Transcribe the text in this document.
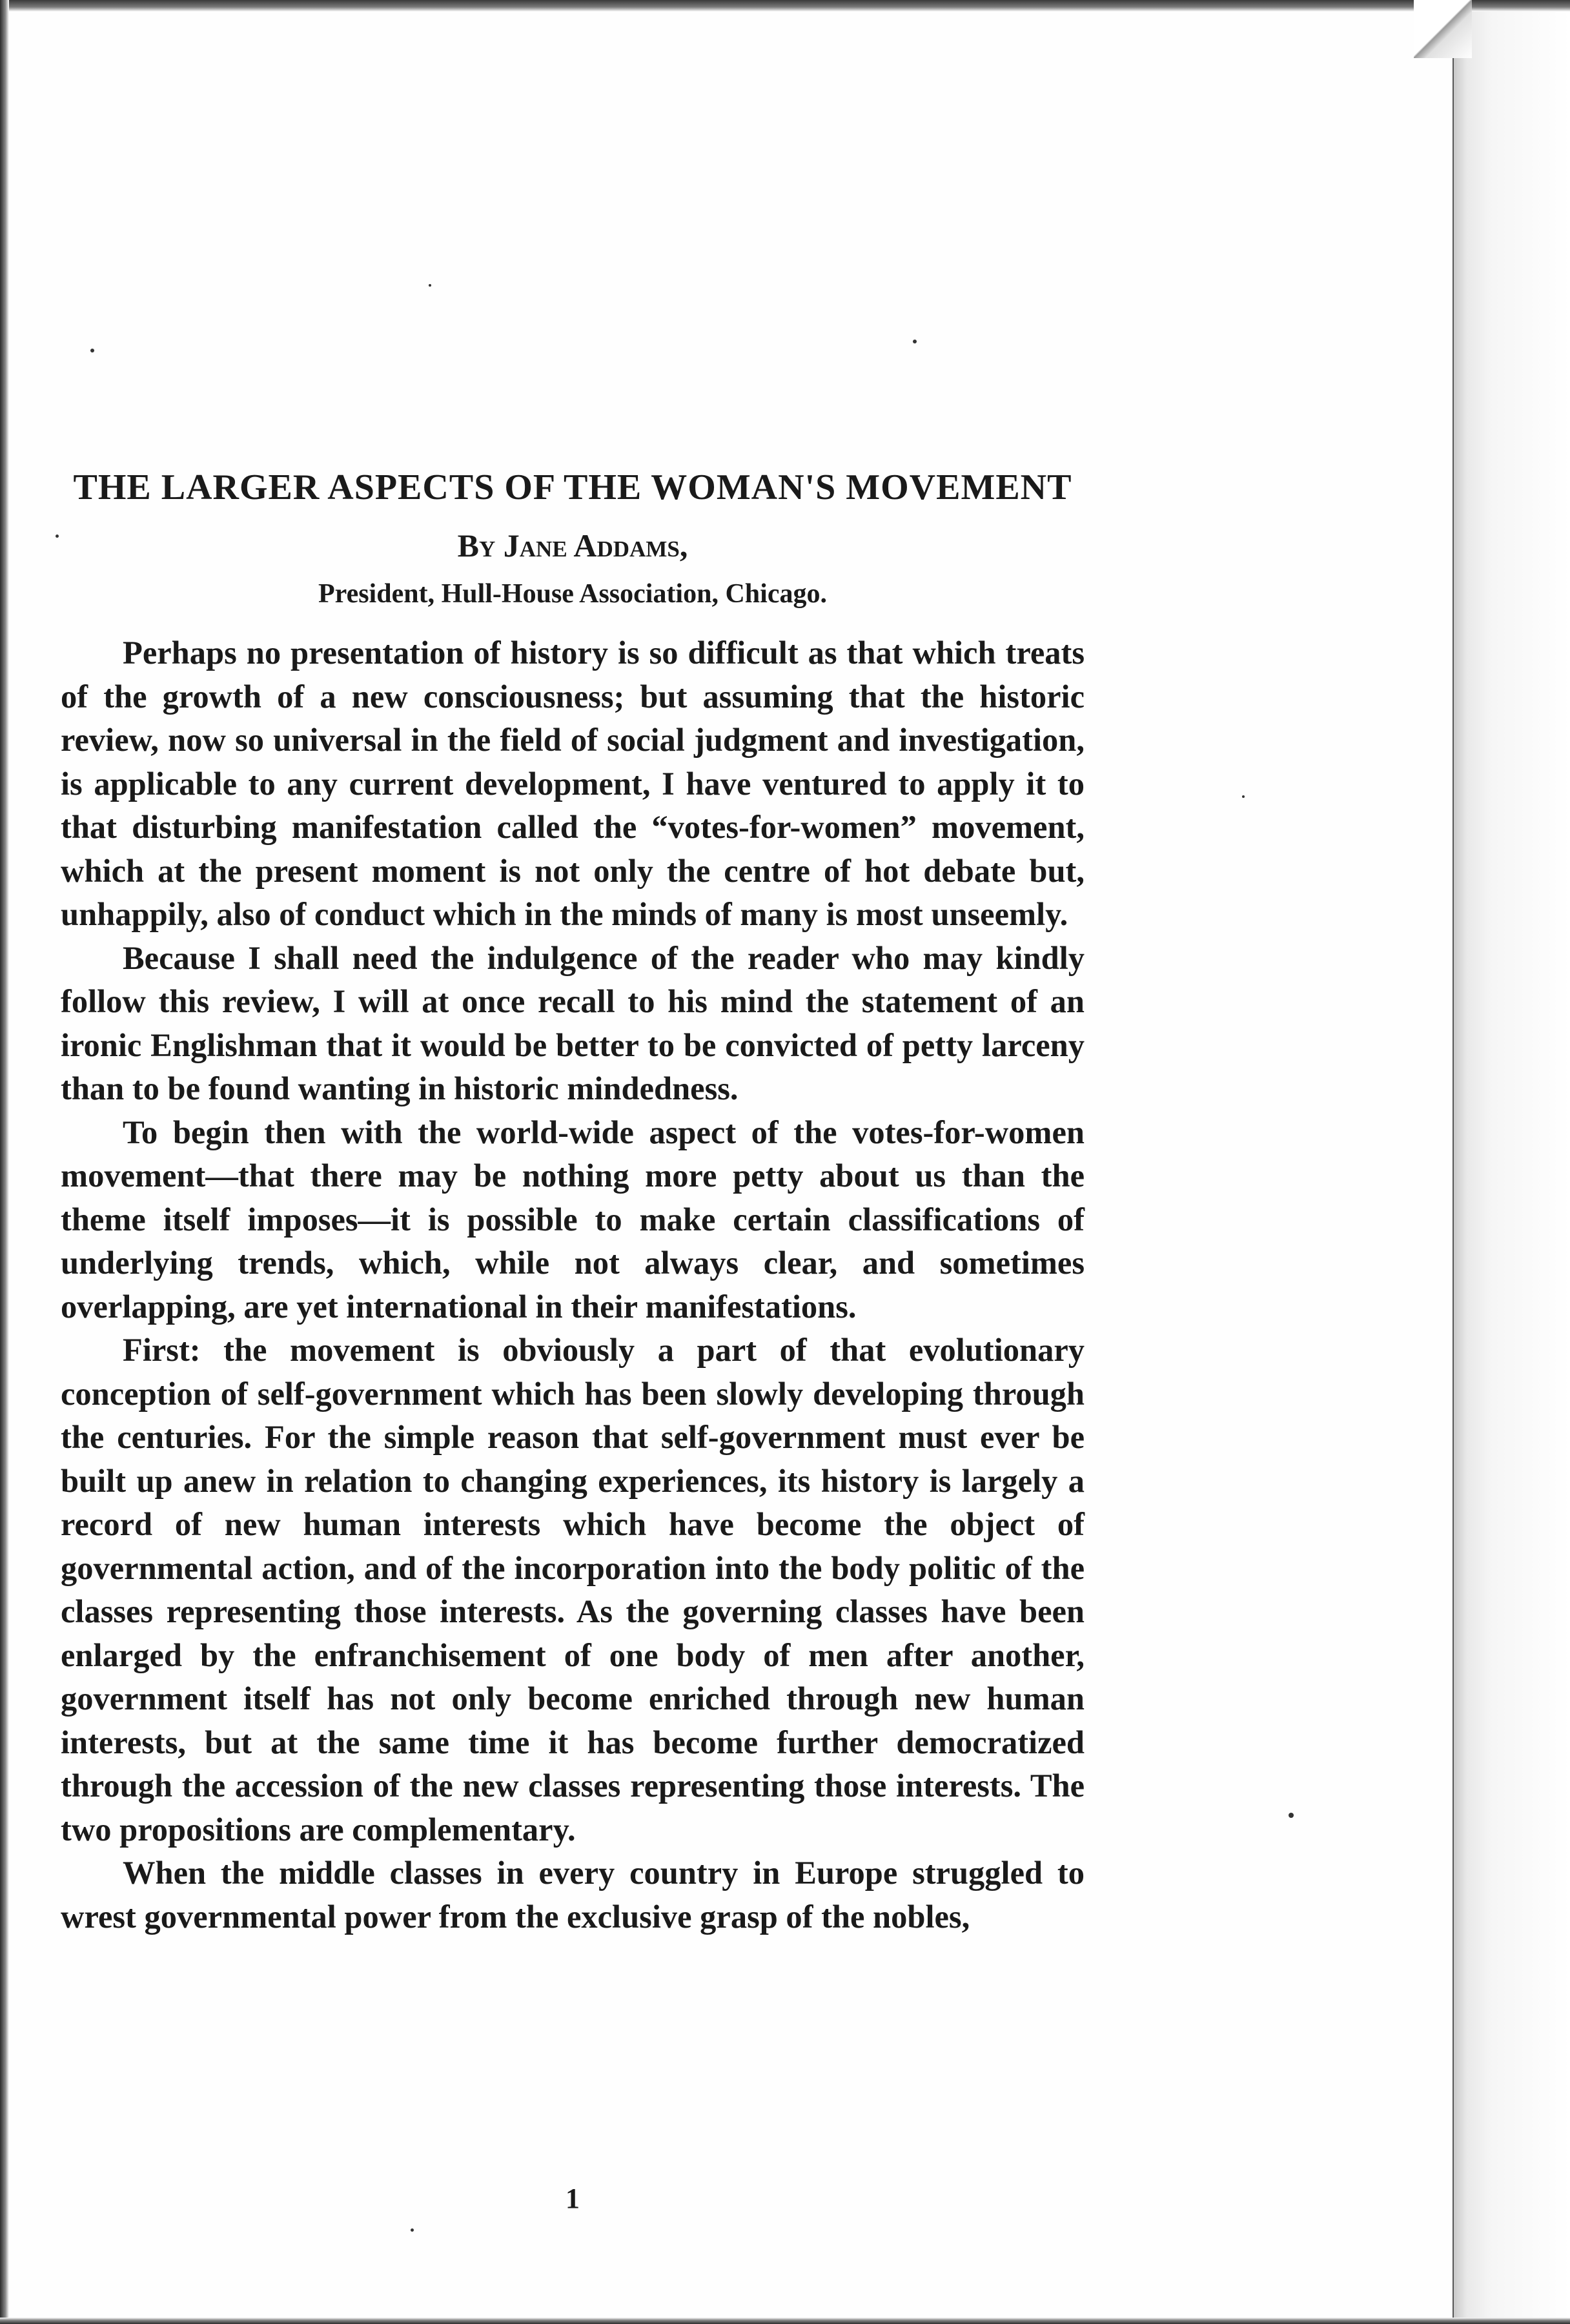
THE LARGER ASPECTS OF THE WOMAN'S MOVEMENT
By Jane Addams,
President, Hull-House Association, Chicago.

Perhaps no presentation of history is so difficult as that which treats of the growth of a new consciousness; but assuming that the historic review, now so universal in the field of social judgment and investigation, is applicable to any current development, I have ventured to apply it to that disturbing manifestation called the “votes-for-women” movement, which at the present moment is not only the centre of hot debate but, unhappily, also of conduct which in the minds of many is most unseemly.

Because I shall need the indulgence of the reader who may kindly follow this review, I will at once recall to his mind the statement of an ironic Englishman that it would be better to be convicted of petty larceny than to be found wanting in historic mindedness.

To begin then with the world-wide aspect of the votes-for-women movement—that there may be nothing more petty about us than the theme itself imposes—it is possible to make certain classifications of underlying trends, which, while not always clear, and sometimes overlapping, are yet international in their manifestations.

First: the movement is obviously a part of that evolutionary conception of self-government which has been slowly developing through the centuries. For the simple reason that self-government must ever be built up anew in relation to changing experiences, its history is largely a record of new human interests which have become the object of governmental action, and of the incorporation into the body politic of the classes representing those interests. As the governing classes have been enlarged by the enfranchisement of one body of men after another, government itself has not only become enriched through new human interests, but at the same time it has become further democratized through the accession of the new classes representing those interests. The two propositions are complementary.

When the middle classes in every country in Europe struggled to wrest governmental power from the exclusive grasp of the nobles,

1
